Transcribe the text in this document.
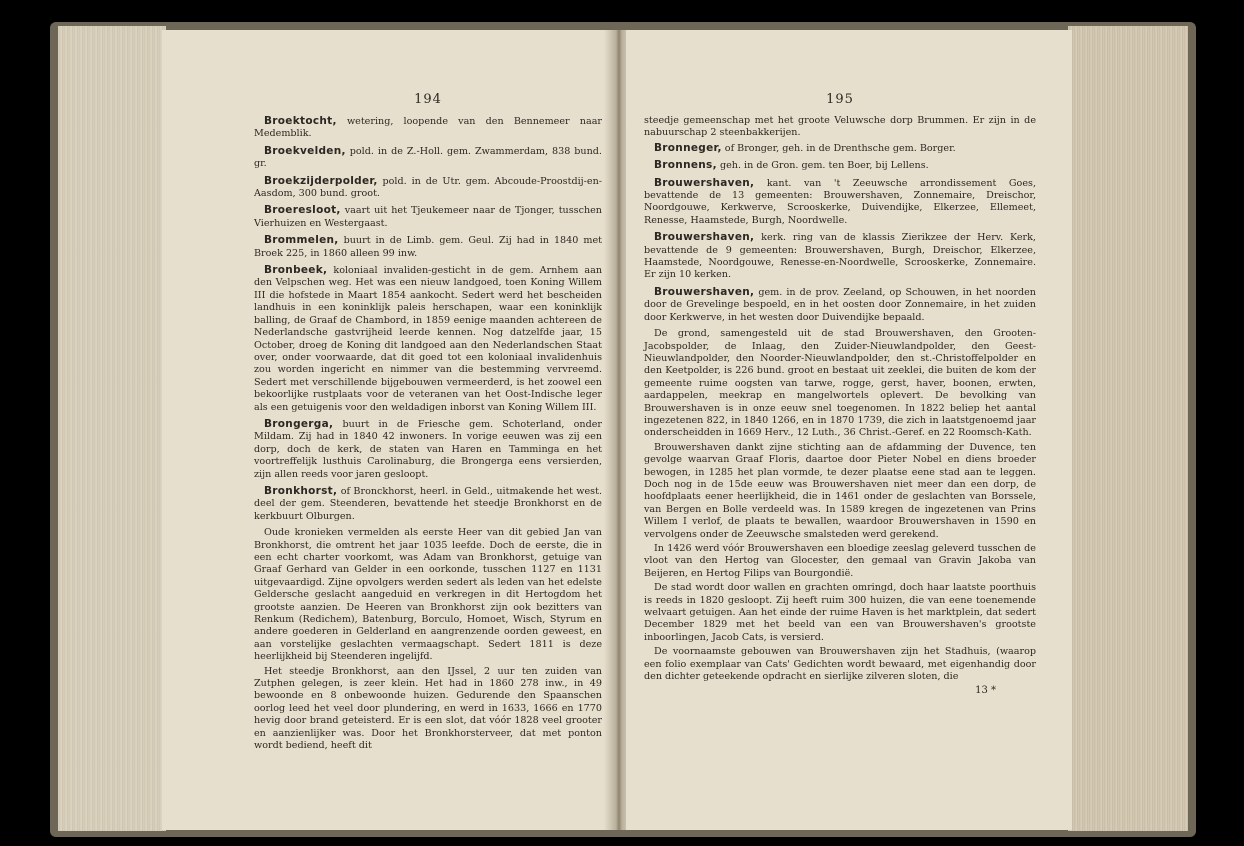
194

Broektocht, wetering, loopende van den Bennemeer naar Medemblik.

Broekvelden, pold. in de Z.-Holl. gem. Zwammerdam, 838 bund. gr.

Broekzijderpolder, pold. in de Utr. gem. Abcoude-Proostdij-en-Aasdom, 300 bund. groot.

Broeresloot, vaart uit het Tjeukemeer naar de Tjonger, tusschen Vierhuizen en Westergaast.

Brommelen, buurt in de Limb. gem. Geul. Zij had in 1840 met Broek 225, in 1860 alleen 99 inw.

Bronbeek, koloniaal invaliden-gesticht in de gem. Arnhem aan den Velpschen weg. Het was een nieuw landgoed, toen Koning Willem III die hofstede in Maart 1854 aankocht. Sedert werd het bescheiden landhuis in een koninklijk paleis herschapen, waar een koninklijk balling, de Graaf de Chambord, in 1859 eenige maanden achtereen de Nederlandsche gastvrijheid leerde kennen. Nog datzelfde jaar, 15 October, droeg de Koning dit landgoed aan den Nederlandschen Staat over, onder voorwaarde, dat dit goed tot een koloniaal invalidenhuis zou worden ingericht en nimmer van die bestemming vervreemd. Sedert met verschillende bijgebouwen vermeerderd, is het zoowel een bekoorlijke rustplaats voor de veteranen van het Oost-Indische leger als een getuigenis voor den weldadigen inborst van Koning Willem III.

Brongerga, buurt in de Friesche gem. Schoterland, onder Mildam. Zij had in 1840 42 inwoners. In vorige eeuwen was zij een dorp, doch de kerk, de staten van Haren en Tamminga en het voortreffelijk lusthuis Carolinaburg, die Brongerga eens versierden, zijn allen reeds voor jaren gesloopt.

Bronkhorst, of Bronckhorst, heerl. in Geld., uitmakende het west. deel der gem. Steenderen, bevattende het steedje Bronkhorst en de kerkbuurt Olburgen.

Oude kronieken vermelden als eerste Heer van dit gebied Jan van Bronkhorst, die omtrent het jaar 1035 leefde. Doch de eerste, die in een echt charter voorkomt, was Adam van Bronkhorst, getuige van Graaf Gerhard van Gelder in een oorkonde, tusschen 1127 en 1131 uitgevaardigd. Zijne opvolgers werden sedert als leden van het edelste Geldersche geslacht aangeduid en verkregen in dit Hertogdom het grootste aanzien. De Heeren van Bronkhorst zijn ook bezitters van Renkum (Redichem), Batenburg, Borculo, Homoet, Wisch, Styrum en andere goederen in Gelderland en aangrenzende oorden geweest, en aan vorstelijke geslachten vermaagschapt. Sedert 1811 is deze heerlijkheid bij Steenderen ingelijfd.

Het steedje Bronkhorst, aan den IJssel, 2 uur ten zuiden van Zutphen gelegen, is zeer klein. Het had in 1860 278 inw., in 49 bewoonde en 8 onbewoonde huizen. Gedurende den Spaanschen oorlog leed het veel door plundering, en werd in 1633, 1666 en 1770 hevig door brand geteisterd. Er is een slot, dat vóór 1828 veel grooter en aanzienlijker was. Door het Bronkhorsterveer, dat met ponton wordt bediend, heeft dit

195

steedje gemeenschap met het groote Veluwsche dorp Brummen. Er zijn in de nabuurschap 2 steenbakkerijen.

Bronneger, of Bronger, geh. in de Drenthsche gem. Borger.

Bronnens, geh. in de Gron. gem. ten Boer, bij Lellens.

Brouwershaven, kant. van 't Zeeuwsche arrondissement Goes, bevattende de 13 gemeenten: Brouwershaven, Zonnemaire, Dreischor, Noordgouwe, Kerkwerve, Scrooskerke, Duivendijke, Elkerzee, Ellemeet, Renesse, Haamstede, Burgh, Noordwelle.

Brouwershaven, kerk. ring van de klassis Zierikzee der Herv. Kerk, bevattende de 9 gemeenten: Brouwershaven, Burgh, Dreischor, Elkerzee, Haamstede, Noordgouwe, Renesse-en-Noordwelle, Scrooskerke, Zonnemaire. Er zijn 10 kerken.

Brouwershaven, gem. in de prov. Zeeland, op Schouwen, in het noorden door de Grevelinge bespoeld, en in het oosten door Zonnemaire, in het zuiden door Kerkwerve, in het westen door Duivendijke bepaald.

De grond, samengesteld uit de stad Brouwershaven, den Grooten-Jacobspolder, de Inlaag, den Zuider-Nieuwlandpolder, den Geest-Nieuwlandpolder, den Noorder-Nieuwlandpolder, den st.-Christoffelpolder en den Keetpolder, is 226 bund. groot en bestaat uit zeeklei, die buiten de kom der gemeente ruime oogsten van tarwe, rogge, gerst, haver, boonen, erwten, aardappelen, meekrap en mangelwortels oplevert. De bevolking van Brouwershaven is in onze eeuw snel toegenomen. In 1822 beliep het aantal ingezetenen 822, in 1840 1266, en in 1870 1739, die zich in laatstgenoemd jaar onderscheidden in 1669 Herv., 12 Luth., 36 Christ.-Geref. en 22 Roomsch-Kath.

Brouwershaven dankt zijne stichting aan de afdamming der Duvence, ten gevolge waarvan Graaf Floris, daartoe door Pieter Nobel en diens broeder bewogen, in 1285 het plan vormde, te dezer plaatse eene stad aan te leggen. Doch nog in de 15de eeuw was Brouwershaven niet meer dan een dorp, de hoofdplaats eener heerlijkheid, die in 1461 onder de geslachten van Borssele, van Bergen en Bolle verdeeld was. In 1589 kregen de ingezetenen van Prins Willem I verlof, de plaats te bewallen, waardoor Brouwershaven in 1590 en vervolgens onder de Zeeuwsche smalsteden werd gerekend.

In 1426 werd vóór Brouwershaven een bloedige zeeslag geleverd tusschen de vloot van den Hertog van Glocester, den gemaal van Gravin Jakoba van Beijeren, en Hertog Filips van Bourgondië.

De stad wordt door wallen en grachten omringd, doch haar laatste poorthuis is reeds in 1820 gesloopt. Zij heeft ruim 300 huizen, die van eene toenemende welvaart getuigen. Aan het einde der ruime Haven is het marktplein, dat sedert December 1829 met het beeld van een van Brouwershaven's grootste inboorlingen, Jacob Cats, is versierd.

De voornaamste gebouwen van Brouwershaven zijn het Stadhuis, (waarop een folio exemplaar van Cats' Gedichten wordt bewaard, met eigenhandig door den dichter geteekende opdracht en sierlijke zilveren sloten, die

13 *
